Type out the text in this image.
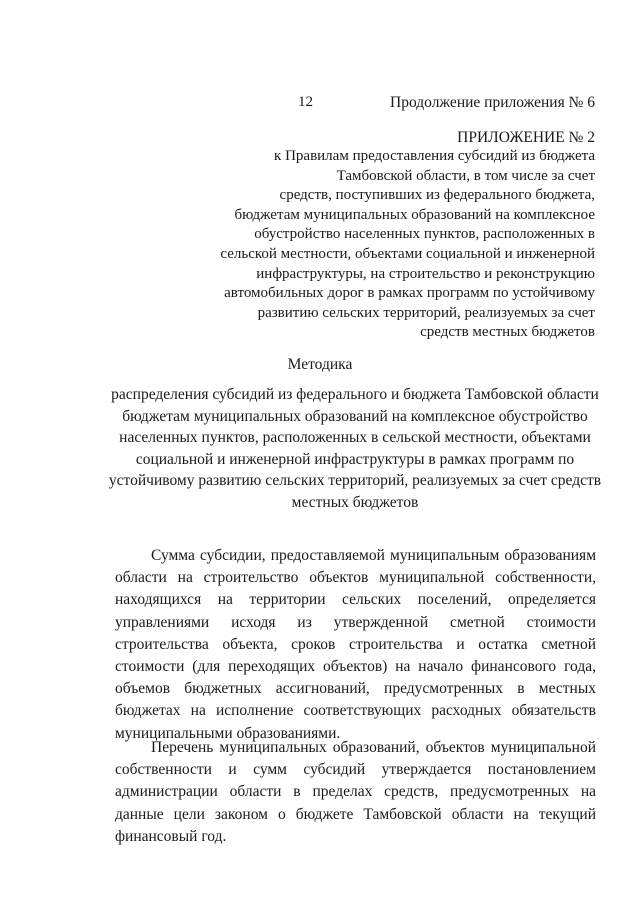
12	Продолжение приложения № 6
ПРИЛОЖЕНИЕ № 2
к Правилам предоставления субсидий из бюджета
Тамбовской области, в том числе за счет
средств, поступивших из федерального бюджета,
бюджетам муниципальных образований на комплексное
обустройство населенных пунктов, расположенных в
сельской местности, объектами социальной и инженерной
инфраструктуры, на строительство и реконструкцию
автомобильных дорог в рамках программ по устойчивому
развитию сельских территорий, реализуемых за счет
средств местных бюджетов
Методика
распределения субсидий из федерального и бюджета Тамбовской области
бюджетам муниципальных образований на комплексное обустройство
населенных пунктов, расположенных в сельской местности, объектами
социальной и инженерной инфраструктуры в рамках программ по
устойчивому развитию сельских территорий, реализуемых за счет средств
местных бюджетов

Сумма субсидии, предоставляемой муниципальным образованиям области на строительство объектов муниципальной собственности, находящихся на территории сельских поселений, определяется управлениями исходя из утвержденной сметной стоимости строительства объекта, сроков строительства и остатка сметной стоимости (для переходящих объектов) на начало финансового года, объемов бюджетных ассигнований, предусмотренных в местных бюджетах на исполнение соответствующих расходных обязательств муниципальными образованиями.

Перечень муниципальных образований, объектов муниципальной собственности и сумм субсидий утверждается постановлением администрации области в пределах средств, предусмотренных на данные цели законом о бюджете Тамбовской области на текущий финансовый год.
